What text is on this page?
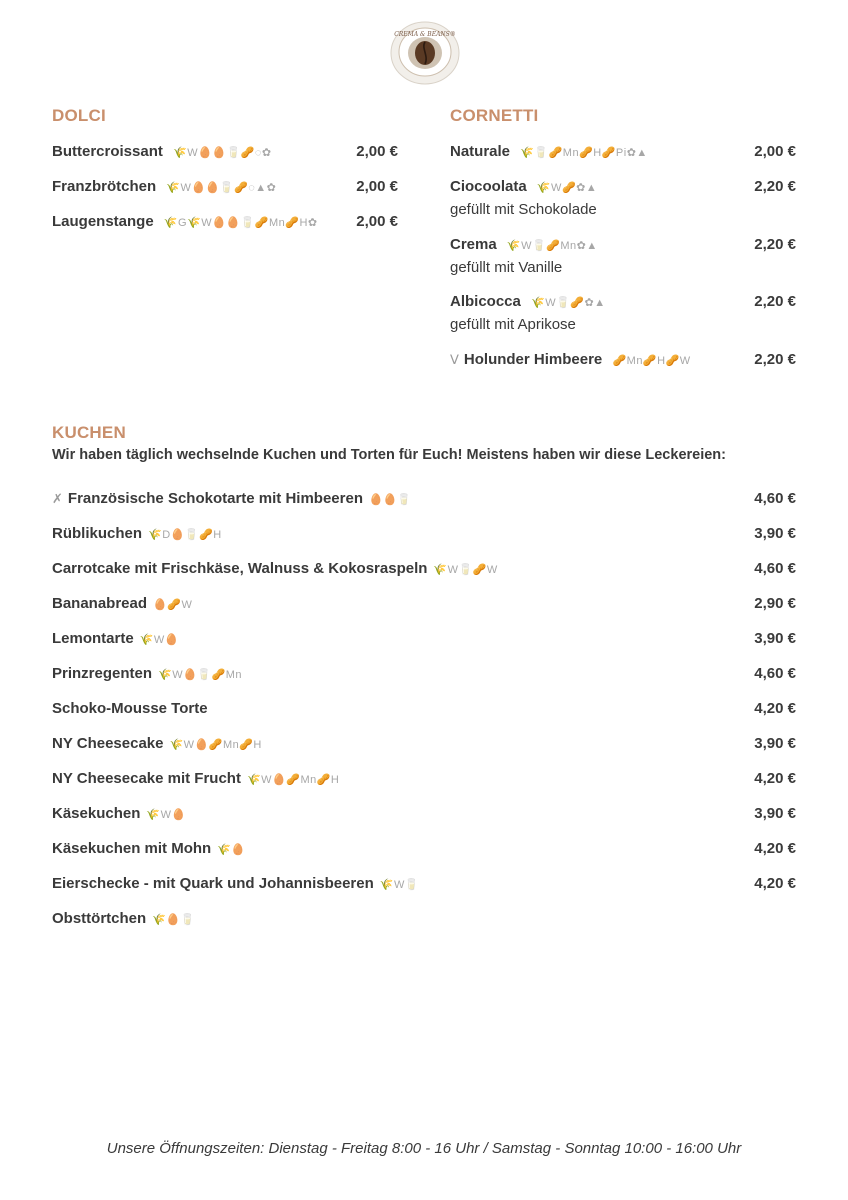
CREMA & BEANS®
DOLCI
Buttercroissant 🌾W🥚🥚🥛🥜◌✿	2,00 €
Franzbrötchen 🌾W🥚🥚🥛🥜◌▲✿	2,00 €
Laugenstange 🌾G🌾W🥚🥚🥛🥜Mn🥜H✿	2,00 €
CORNETTI
Naturale 🌾🥛🥜Mn🥜H🥜Pi✿▲	2,00 €
Ciocoolata 🌾W🥜✿▲	2,20 €
gefüllt mit Schokolade
Crema 🌾W🥛🥜Mn✿▲	2,20 €
gefüllt mit Vanille
Albicocca 🌾W🥛🥜✿▲	2,20 €
gefüllt mit Aprikose
ᐯ Holunder Himbeere 🥜Mn🥜H🥜W	2,20 €
KUCHEN
Wir haben täglich wechselnde Kuchen und Torten für Euch! Meistens haben wir diese Leckereien:
✗ Französische Schokotarte mit Himbeeren 🥚🥚🥛	4,60 €
Rüblikuchen 🌾D🥚🥛🥜H	3,90 €
Carrotcake mit Frischkäse, Walnuss & Kokosraspeln 🌾W🥛🥜W	4,60 €
Bananabread 🥚🥜W	2,90 €
Lemontarte 🌾W🥚	3,90 €
Prinzregenten 🌾W🥚🥛🥜Mn	4,60 €
Schoko-Mousse Torte	4,20 €
NY Cheesecake 🌾W🥚🥜Mn🥜H	3,90 €
NY Cheesecake mit Frucht 🌾W🥚🥜Mn🥜H	4,20 €
Käsekuchen 🌾W🥚	3,90 €
Käsekuchen mit Mohn 🌾🥚	4,20 €
Eierschecke - mit Quark und Johannisbeeren 🌾W🥛	4,20 €
Obsttörtchen 🌾🥚🥛
Unsere Öffnungszeiten: Dienstag - Freitag 8:00 - 16 Uhr / Samstag - Sonntag 10:00 - 16:00 Uhr
